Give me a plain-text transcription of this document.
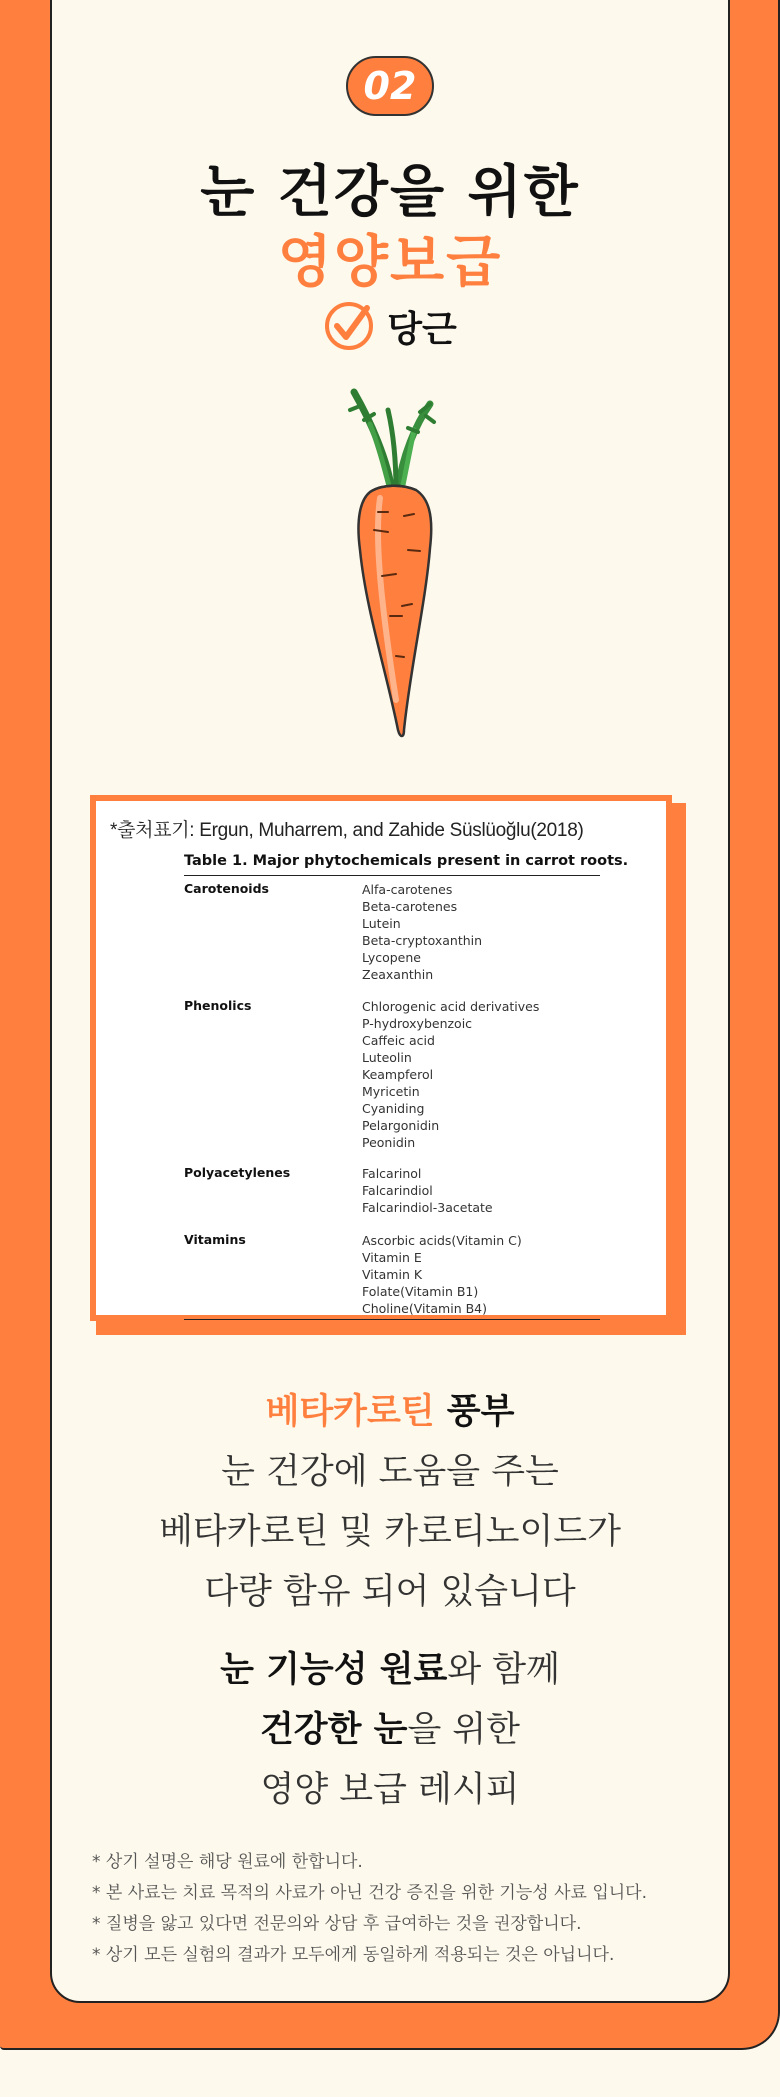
02
눈 건강을 위한
영양보급
당근
*출처표기: Ergun, Muharrem, and Zahide Süslüoğlu(2018)
Table 1. Major phytochemicals present in carrot roots.
Carotenoids	Alfa-carotenes
Beta-carotenes
Lutein
Beta-cryptoxanthin
Lycopene
Zeaxanthin
Phenolics	Chlorogenic acid derivatives
P-hydroxybenzoic
Caffeic acid
Luteolin
Keampferol
Myricetin
Cyaniding
Pelargonidin
Peonidin
Polyacetylenes	Falcarinol
Falcarindiol
Falcarindiol-3acetate
Vitamins	Ascorbic acids(Vitamin C)
Vitamin E
Vitamin K
Folate(Vitamin B1)
Choline(Vitamin B4)
베타카로틴 풍부
눈 건강에 도움을 주는
베타카로틴 및 카로티노이드가
다량 함유 되어 있습니다
눈 기능성 원료와 함께
건강한 눈을 위한
영양 보급 레시피
* 상기 설명은 해당 원료에 한합니다.
* 본 사료는 치료 목적의 사료가 아닌 건강 증진을 위한 기능성 사료 입니다.
* 질병을 앓고 있다면 전문의와 상담 후 급여하는 것을 권장합니다.
* 상기 모든 실험의 결과가 모두에게 동일하게 적용되는 것은 아닙니다.
